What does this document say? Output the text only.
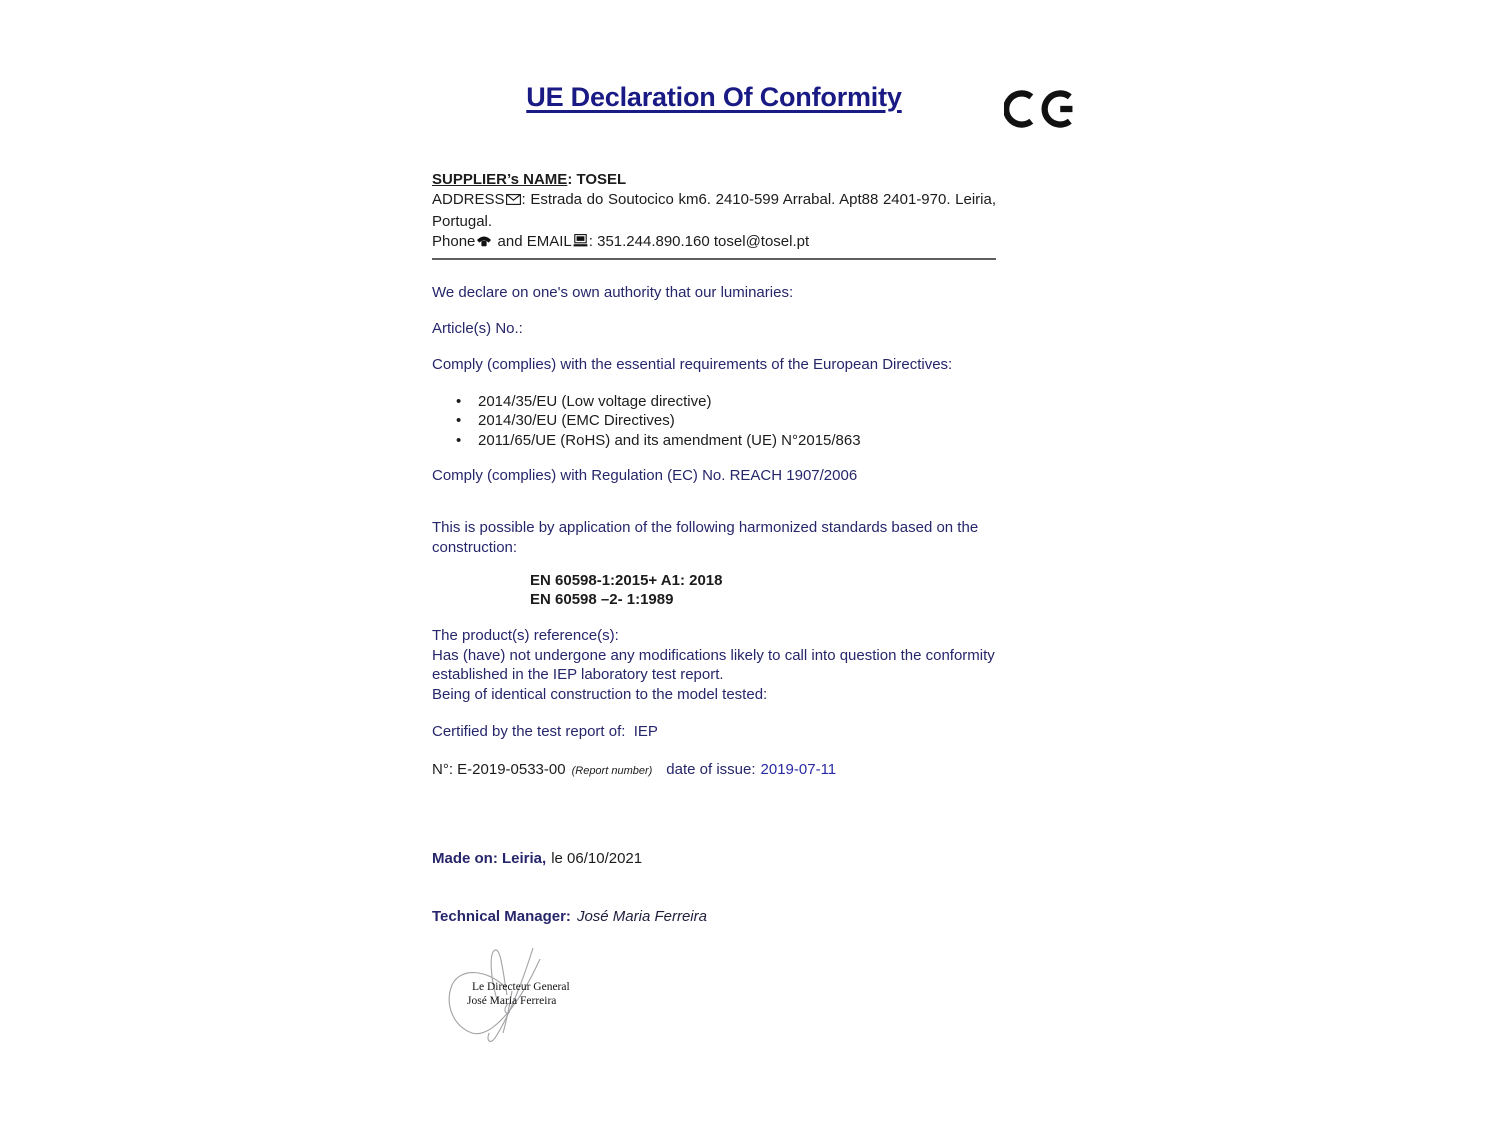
UE Declaration Of Conformity
SUPPLIER’s NAME: TOSEL
ADDRESS : Estrada do Soutocico km6. 2410-599 Arrabal. Apt88 2401-970. Leiria,
Portugal.
Phone and EMAIL : 351.244.890.160 tosel@tosel.pt
We declare on one's own authority that our luminaries:
Article(s) No.:
Comply (complies) with the essential requirements of the European Directives:
• 2014/35/EU (Low voltage directive)
• 2014/30/EU (EMC Directives)
• 2011/65/UE (RoHS) and its amendment (UE) N°2015/863
Comply (complies) with Regulation (EC) No. REACH 1907/2006
This is possible by application of the following harmonized standards based on the
construction:
EN 60598-1:2015+ A1: 2018
EN 60598 –2- 1:1989
The product(s) reference(s):
Has (have) not undergone any modifications likely to call into question the conformity
established in the IEP laboratory test report.
Being of identical construction to the model tested:
Certified by the test report of:  IEP
N°: E-2019-0533-00 (Report number) date of issue: 2019-07-11
Made on: Leiria, le 06/10/2021
Technical Manager: José Maria Ferreira
Le Directeur General
José Maria Ferreira
